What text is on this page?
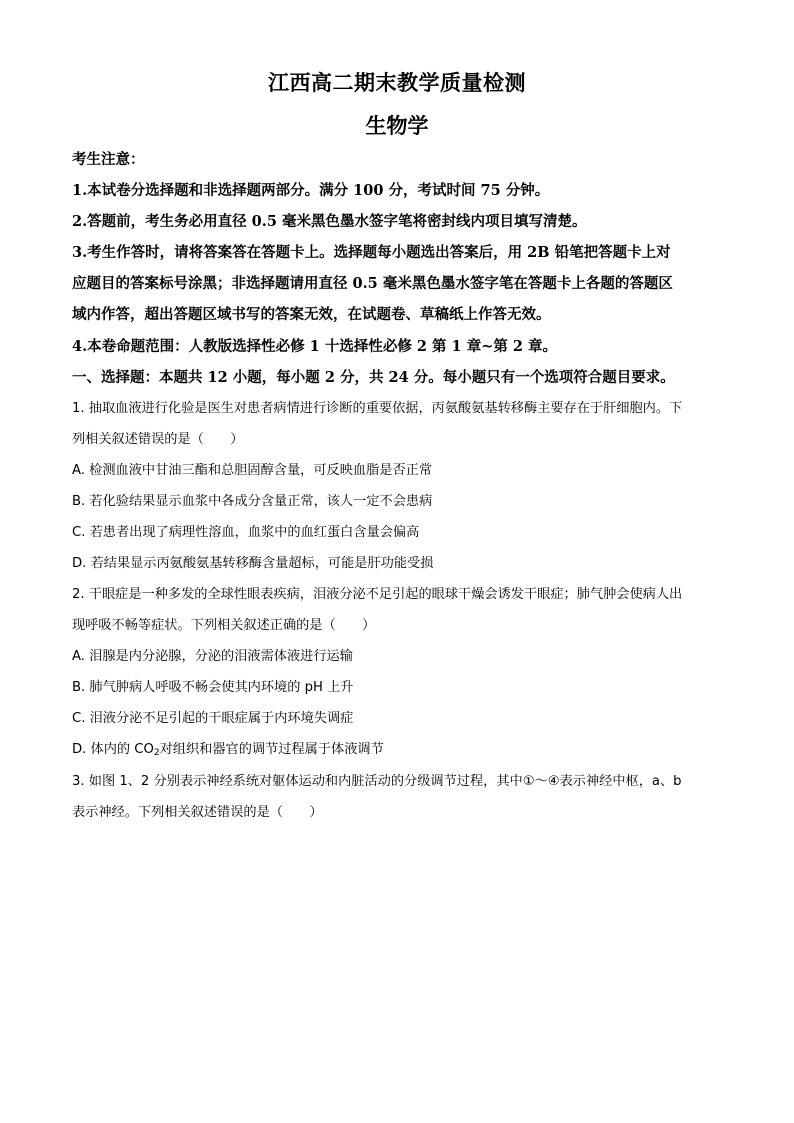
江西高二期末教学质量检测
生物学
考生注意：
1.本试卷分选择题和非选择题两部分。满分 100 分，考试时间 75 分钟。
2.答题前，考生务必用直径 0.5 毫米黑色墨水签字笔将密封线内项目填写清楚。
3.考生作答时，请将答案答在答题卡上。选择题每小题选出答案后，用 2B 铅笔把答题卡上对
应题目的答案标号涂黑；非选择题请用直径 0.5 毫米黑色墨水签字笔在答题卡上各题的答题区
域内作答，超出答题区域书写的答案无效，在试题卷、草稿纸上作答无效。
4.本卷命题范围：人教版选择性必修 1 十选择性必修 2 第 1 章~第 2 章。
一、选择题：本题共 12 小题，每小题 2 分，共 24 分。每小题只有一个选项符合题目要求。
1. 抽取血液进行化验是医生对患者病情进行诊断的重要依据，丙氨酸氨基转移酶主要存在于肝细胞内。下
列相关叙述错误的是（　　）
A. 检测血液中甘油三酯和总胆固醇含量，可反映血脂是否正常
B. 若化验结果显示血浆中各成分含量正常，该人一定不会患病
C. 若患者出现了病理性溶血，血浆中的血红蛋白含量会偏高
D. 若结果显示丙氨酸氨基转移酶含量超标，可能是肝功能受损
2. 干眼症是一种多发的全球性眼表疾病，泪液分泌不足引起的眼球干燥会诱发干眼症；肺气肿会使病人出
现呼吸不畅等症状。下列相关叙述正确的是（　　）
A. 泪腺是内分泌腺，分泌的泪液需体液进行运输
B. 肺气肿病人呼吸不畅会使其内环境的 pH 上升
C. 泪液分泌不足引起的干眼症属于内环境失调症
D. 体内的 $CO_2$对组织和器官的调节过程属于体液调节
3. 如图 1、2 分别表示神经系统对躯体运动和内脏活动的分级调节过程，其中①～④表示神经中枢，a、b
表示神经。下列相关叙述错误的是（　　）
